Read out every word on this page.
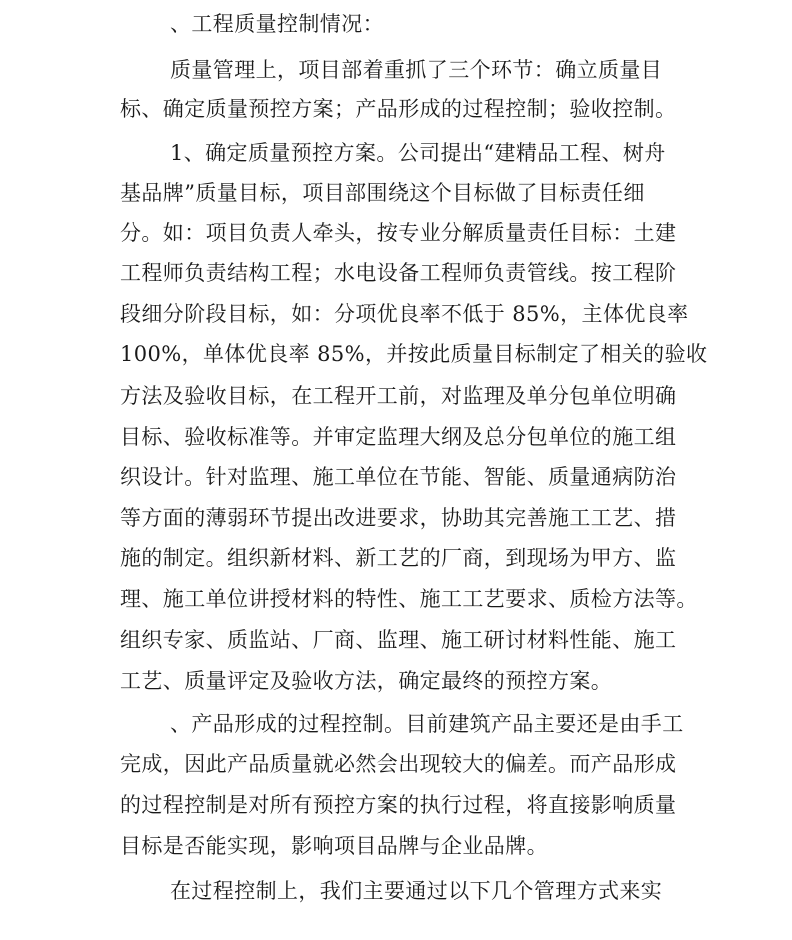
、工程质量控制情况：
质量管理上，项目部着重抓了三个环节：确立质量目
标、确定质量预控方案；产品形成的过程控制；验收控制。
1、确定质量预控方案。公司提出“建精品工程、树舟
基品牌”质量目标，项目部围绕这个目标做了目标责任细
分。如：项目负责人牵头，按专业分解质量责任目标：土建
工程师负责结构工程；水电设备工程师负责管线。按工程阶
段细分阶段目标，如：分项优良率不低于 85%，主体优良率
100%，单体优良率 85%，并按此质量目标制定了相关的验收
方法及验收目标，在工程开工前，对监理及单分包单位明确
目标、验收标准等。并审定监理大纲及总分包单位的施工组
织设计。针对监理、施工单位在节能、智能、质量通病防治
等方面的薄弱环节提出改进要求，协助其完善施工工艺、措
施的制定。组织新材料、新工艺的厂商，到现场为甲方、监
理、施工单位讲授材料的特性、施工工艺要求、质检方法等。
组织专家、质监站、厂商、监理、施工研讨材料性能、施工
工艺、质量评定及验收方法，确定最终的预控方案。
、产品形成的过程控制。目前建筑产品主要还是由手工
完成，因此产品质量就必然会出现较大的偏差。而产品形成
的过程控制是对所有预控方案的执行过程，将直接影响质量
目标是否能实现，影响项目品牌与企业品牌。
在过程控制上，我们主要通过以下几个管理方式来实
